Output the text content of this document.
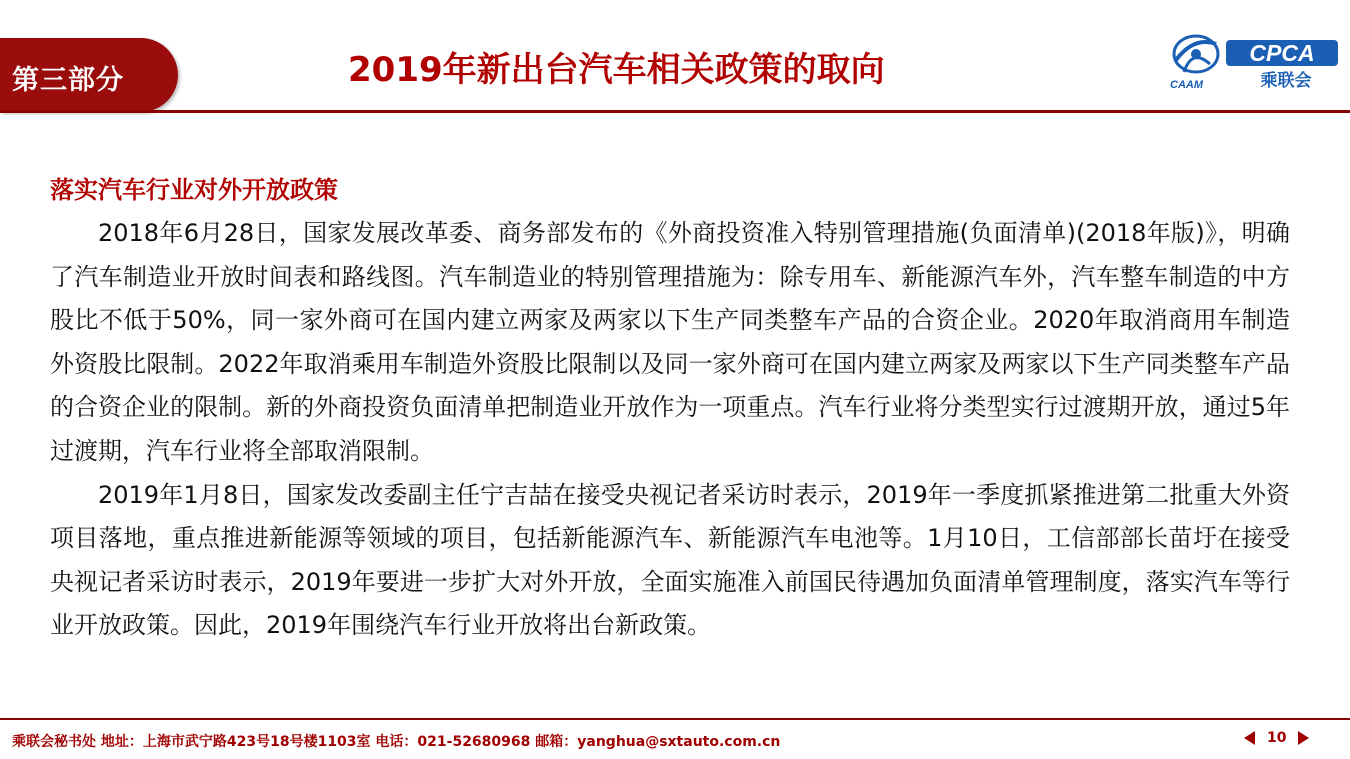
第三部分	2019年新出台汽车相关政策的取向	CAAM
CPCA
乘联会
落实汽车行业对外开放政策

2018年6月28日，国家发展改革委、商务部发布的《外商投资准入特别管理措施(负面清单)(2018年版)》，明确了汽车制造业开放时间表和路线图。汽车制造业的特别管理措施为：除专用车、新能源汽车外，汽车整车制造的中方股比不低于50%，同一家外商可在国内建立两家及两家以下生产同类整车产品的合资企业。2020年取消商用车制造外资股比限制。2022年取消乘用车制造外资股比限制以及同一家外商可在国内建立两家及两家以下生产同类整车产品的合资企业的限制。新的外商投资负面清单把制造业开放作为一项重点。汽车行业将分类型实行过渡期开放，通过5年过渡期，汽车行业将全部取消限制。

2019年1月8日，国家发改委副主任宁吉喆在接受央视记者采访时表示，2019年一季度抓紧推进第二批重大外资项目落地，重点推进新能源等领域的项目，包括新能源汽车、新能源汽车电池等。1月10日，工信部部长苗圩在接受央视记者采访时表示，2019年要进一步扩大对外开放，全面实施准入前国民待遇加负面清单管理制度，落实汽车等行业开放政策。因此，2019年围绕汽车行业开放将出台新政策。

乘联会秘书处 地址：上海市武宁路423号18号楼1103室 电话：021-52680968 邮箱：yanghua@sxtauto.com.cn	10
